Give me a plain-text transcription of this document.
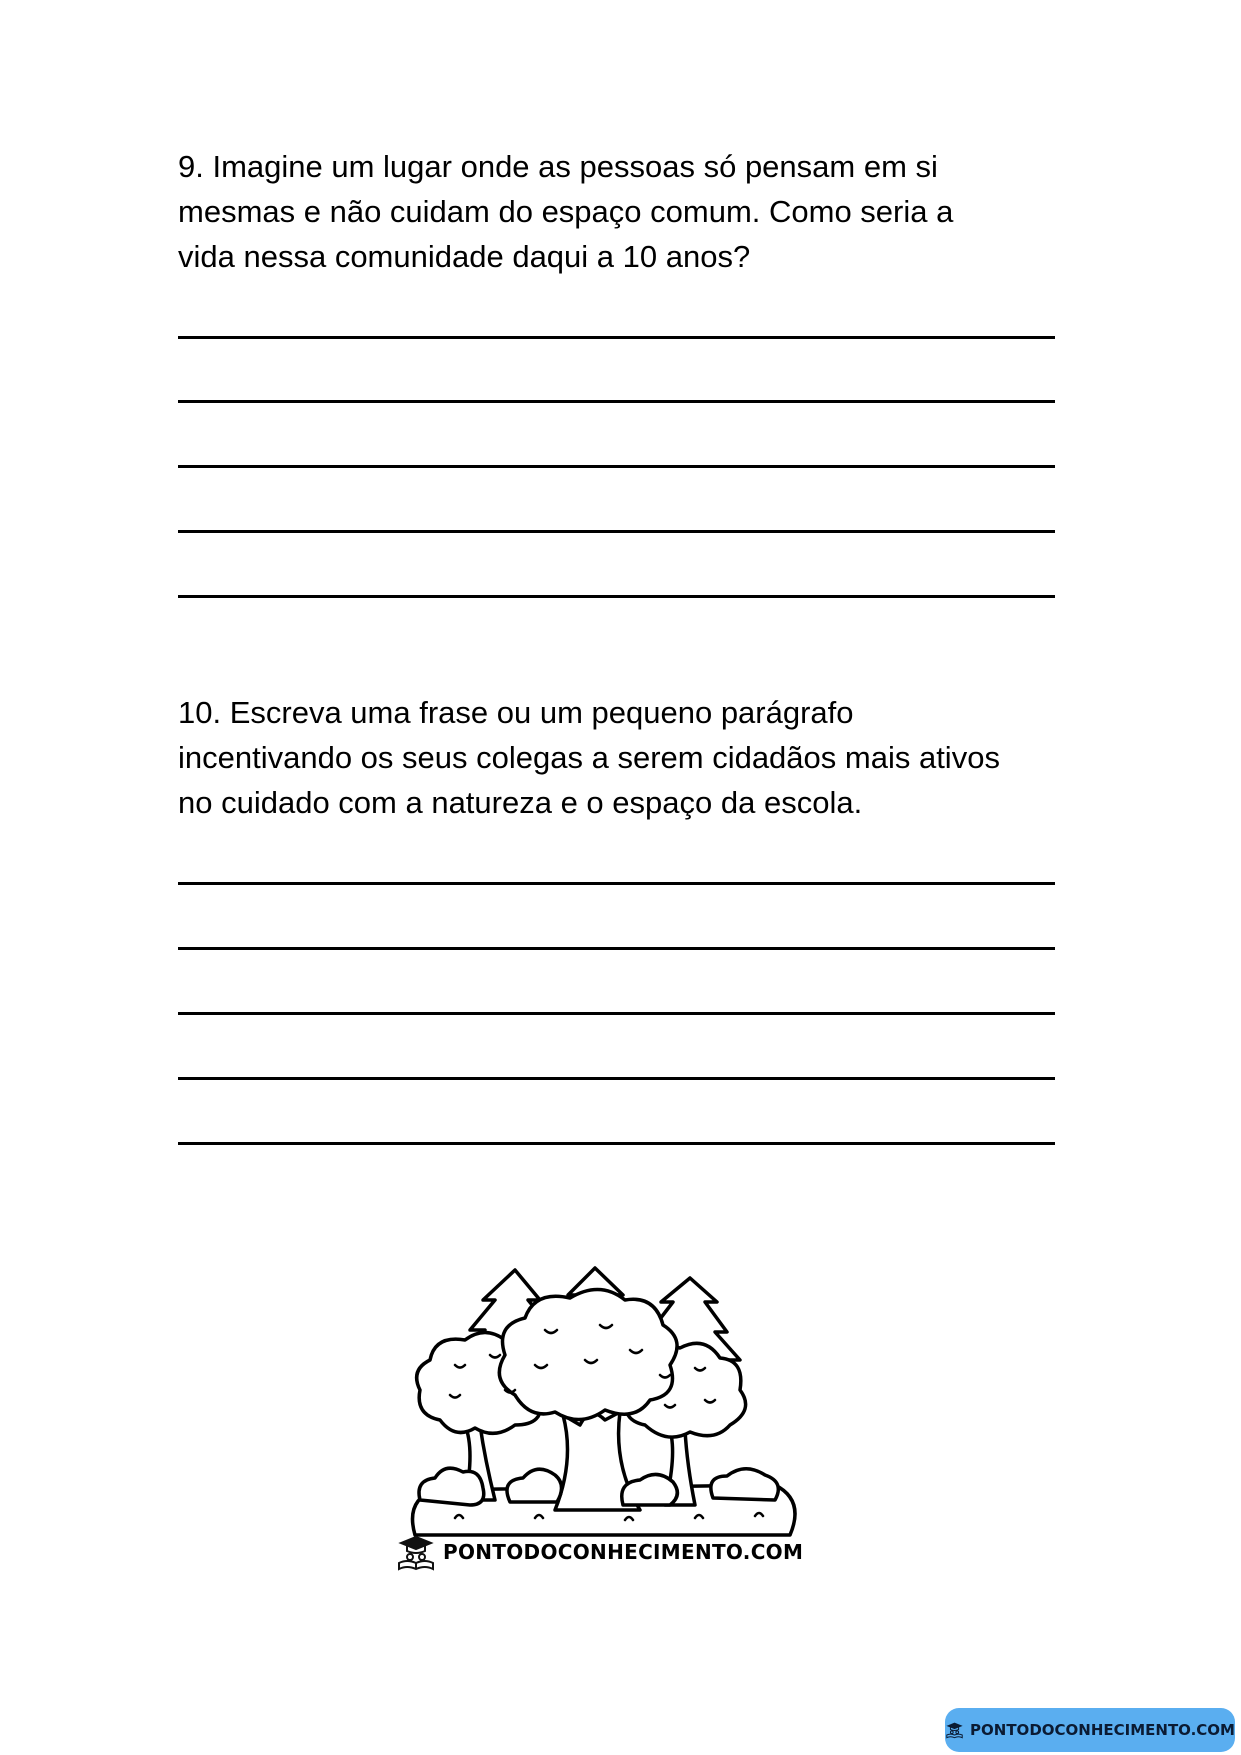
9. Imagine um lugar onde as pessoas só pensam em si
mesmas e não cuidam do espaço comum. Como seria a
vida nessa comunidade daqui a 10 anos?
10. Escreva uma frase ou um pequeno parágrafo
incentivando os seus colegas a serem cidadãos mais ativos
no cuidado com a natureza e o espaço da escola.
PONTODOCONHECIMENTO.COM
PONTODOCONHECIMENTO.COM
